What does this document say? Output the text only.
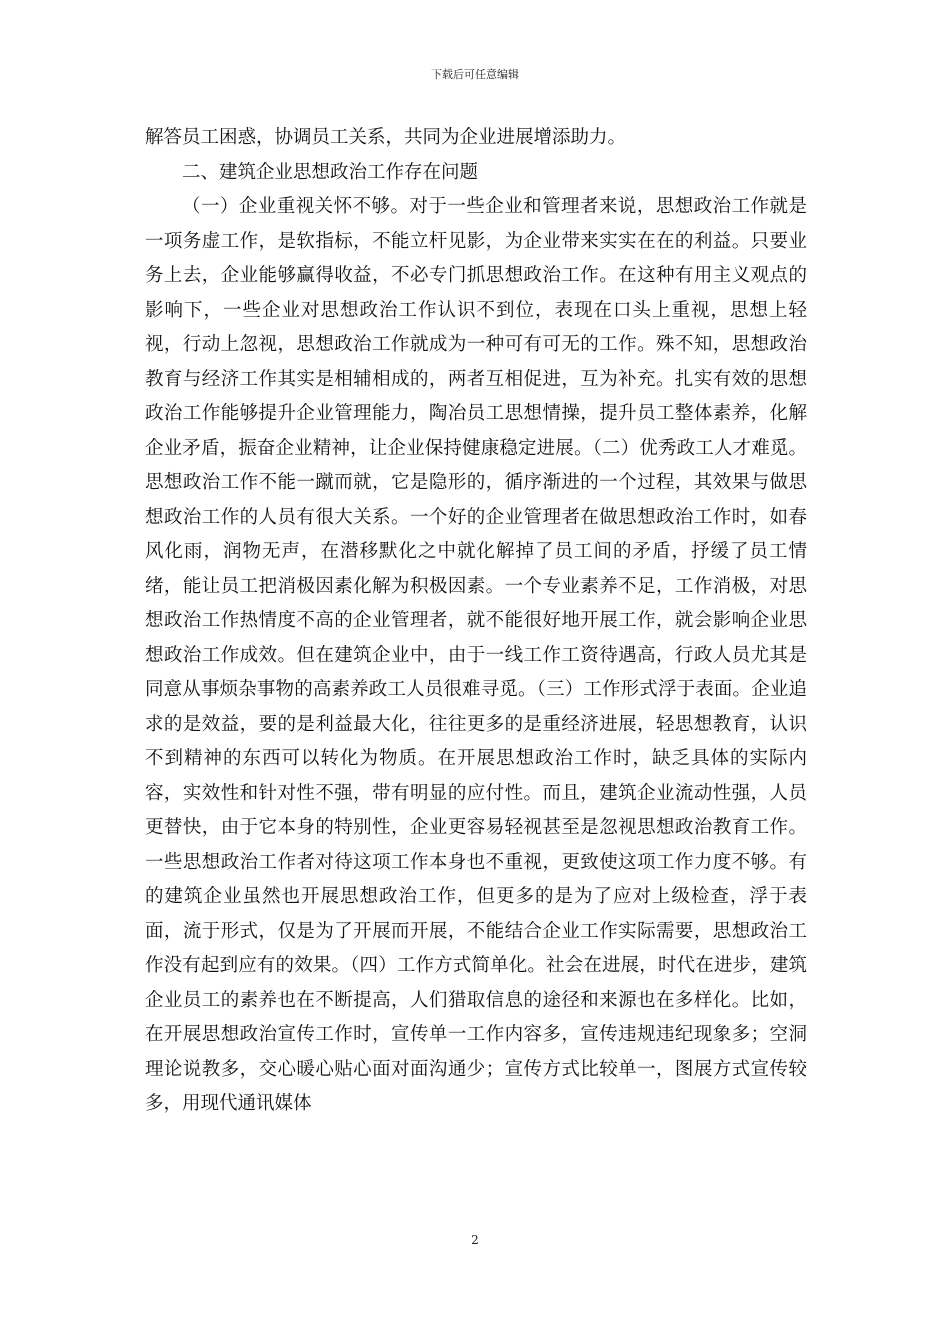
下载后可任意编辑

解答员工困惑，协调员工关系，共同为企业进展增添助力。

二、建筑企业思想政治工作存在问题

（一）企业重视关怀不够。对于一些企业和管理者来说，思想政治工作就是一项务虚工作，是软指标，不能立杆见影，为企业带来实实在在的利益。只要业务上去，企业能够赢得收益，不必专门抓思想政治工作。在这种有用主义观点的影响下，一些企业对思想政治工作认识不到位，表现在口头上重视，思想上轻视，行动上忽视，思想政治工作就成为一种可有可无的工作。殊不知，思想政治教育与经济工作其实是相辅相成的，两者互相促进，互为补充。扎实有效的思想政治工作能够提升企业管理能力，陶冶员工思想情操，提升员工整体素养，化解企业矛盾，振奋企业精神，让企业保持健康稳定进展。（二）优秀政工人才难觅。思想政治工作不能一蹴而就，它是隐形的，循序渐进的一个过程，其效果与做思想政治工作的人员有很大关系。一个好的企业管理者在做思想政治工作时，如春风化雨，润物无声，在潜移默化之中就化解掉了员工间的矛盾，抒缓了员工情绪，能让员工把消极因素化解为积极因素。一个专业素养不足，工作消极，对思想政治工作热情度不高的企业管理者，就不能很好地开展工作，就会影响企业思想政治工作成效。但在建筑企业中，由于一线工作工资待遇高，行政人员尤其是同意从事烦杂事物的高素养政工人员很难寻觅。（三）工作形式浮于表面。企业追求的是效益，要的是利益最大化，往往更多的是重经济进展，轻思想教育，认识不到精神的东西可以转化为物质。在开展思想政治工作时，缺乏具体的实际内容，实效性和针对性不强，带有明显的应付性。而且，建筑企业流动性强，人员更替快，由于它本身的特别性，企业更容易轻视甚至是忽视思想政治教育工作。一些思想政治工作者对待这项工作本身也不重视，更致使这项工作力度不够。有的建筑企业虽然也开展思想政治工作，但更多的是为了应对上级检查，浮于表面，流于形式，仅是为了开展而开展，不能结合企业工作实际需要，思想政治工作没有起到应有的效果。（四）工作方式简单化。社会在进展，时代在进步，建筑企业员工的素养也在不断提高，人们猎取信息的途径和来源也在多样化。比如，在开展思想政治宣传工作时，宣传单一工作内容多，宣传违规违纪现象多；空洞理论说教多，交心暖心贴心面对面沟通少；宣传方式比较单一，图展方式宣传较多，用现代通讯媒体

2
